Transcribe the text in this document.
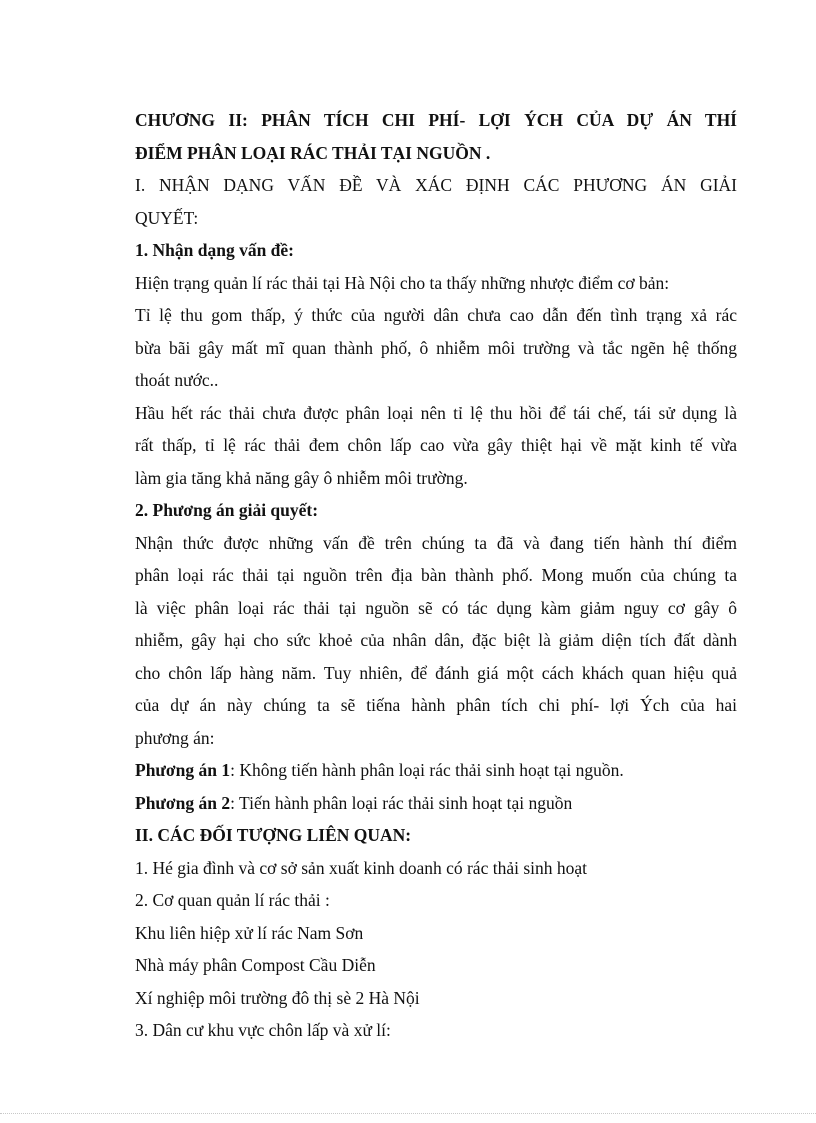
CHƯƠNG II: PHÂN TÍCH CHI PHÍ- LỢI ÝCH CỦA DỰ ÁN THÍ
ĐIỂM PHÂN LOẠI RÁC THẢI TẠI NGUỒN .
I. NHẬN DẠNG VẤN ĐỀ VÀ XÁC ĐỊNH CÁC PHƯƠNG ÁN GIẢI
QUYẾT:
1. Nhận dạng vấn đề:
Hiện trạng quản lí rác thải tại Hà Nội cho ta thấy những nhược điểm cơ bản:
Tỉ lệ thu gom thấp, ý thức của người dân chưa cao dẫn đến tình trạng xả rác
bừa bãi gây mất mĩ quan thành phố, ô nhiễm môi trường và tắc ngẽn hệ thống
thoát nước..
Hầu hết rác thải chưa được phân loại nên tỉ lệ thu hồi để tái chế, tái sử dụng là
rất thấp, tỉ lệ rác thải đem chôn lấp cao vừa gây thiệt hại về mặt kinh tế vừa
làm gia tăng khả năng gây ô nhiễm môi trường.
2. Phương án giải quyết:
Nhận thức được những vấn đề trên chúng ta đã và đang tiến hành thí điểm
phân loại rác thải tại nguồn trên địa bàn thành phố. Mong muốn của chúng ta
là việc phân loại rác thải tại nguồn sẽ có tác dụng kàm giảm nguy cơ gây ô
nhiễm, gây hại cho sức khoẻ của nhân dân, đặc biệt là giảm diện tích đất dành
cho chôn lấp hàng năm. Tuy nhiên, để đánh giá một cách khách quan hiệu quả
của dự án này chúng ta sẽ tiếna hành phân tích chi phí- lợi Ých của hai
phương án:
Phương án 1: Không tiến hành phân loại rác thải sinh hoạt tại nguồn.
Phương án 2: Tiến hành phân loại rác thải sinh hoạt tại nguồn
II. CÁC ĐỐI TƯỢNG LIÊN QUAN:
1. Hé gia đình và cơ sở sản xuất kinh doanh có rác thải sinh hoạt
2. Cơ quan quản lí rác thải :
Khu liên hiệp xử lí rác Nam Sơn
Nhà máy phân Compost Cầu Diễn
Xí nghiệp môi trường đô thị sè 2 Hà Nội
3. Dân cư khu vực chôn lấp và xử lí:
